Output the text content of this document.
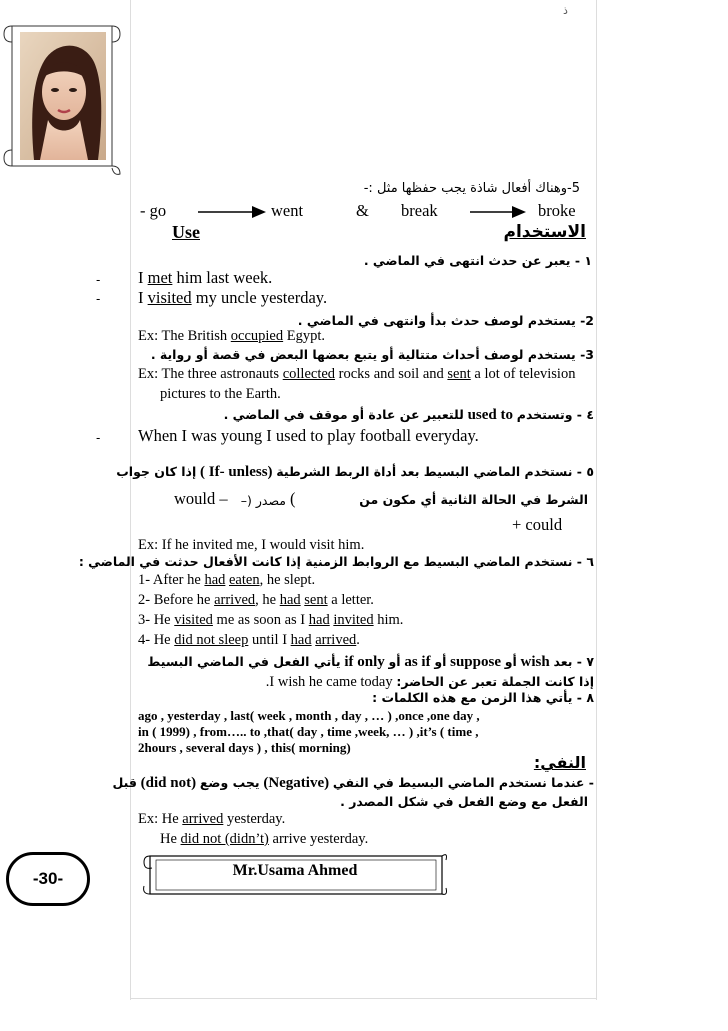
ذ
5-وهناك أفعال شاذة يجب حفظها مثل :-
- go	went	& break	broke
Use	الاستخدام
١ - يعبر عن حدث انتهى في الماضي .
- I met him last week.
- I visited my uncle yesterday.
2- يستخدم لوصف حدث بدأ وانتهى في الماضي .
Ex: The British occupied Egypt.
3- يستخدم لوصف أحداث متتالية أو يتبع بعضها البعض في قصة أو رواية .
Ex: The three astronauts collected rocks and soil and sent a lot of television
pictures to the Earth.
٤ - وتستخدم used to للتعبير عن عادة أو موقف في الماضي .
- When I was young I used to play football everyday.
٥ - نستخدم الماضي البسيط بعد أداة الربط الشرطية (If- unless ) إذا كان جواب
الشرط في الحالة الثانية أي مكون من
(
مصدر (–
would –
+ could
Ex: If he invited me, I would visit him.
٦ - نستخدم الماضي البسيط مع الروابط الزمنية إذا كانت الأفعال حدثت في الماضي :
1- After he had eaten, he slept.
2- Before he arrived, he had sent a letter.
3- He visited me as soon as I had invited him.
4- He did not sleep until I had arrived.
٧ - بعد wish أو suppose أو as if أو if only يأتي الفعل في الماضي البسيط
إذا كانت الجملة تعبر عن الحاضر: I wish he came today.
٨ - يأتي هذا الزمن مع هذه الكلمات :
ago , yesterday , last( week , month , day , … ) ,once ,one day ,
in ( 1999) , from….. to ,that( day , time ,week, … ) ,it’s ( time ,
2hours , several days ) , this( morning)
النفي:
- عندما نستخدم الماضي البسيط في النفي (Negative) يجب وضع (did not) قبل
الفعل مع وضع الفعل في شكل المصدر .
Ex: He arrived yesterday.
He did not (didn’t) arrive yesterday.
-30-	Mr.Usama Ahmed
